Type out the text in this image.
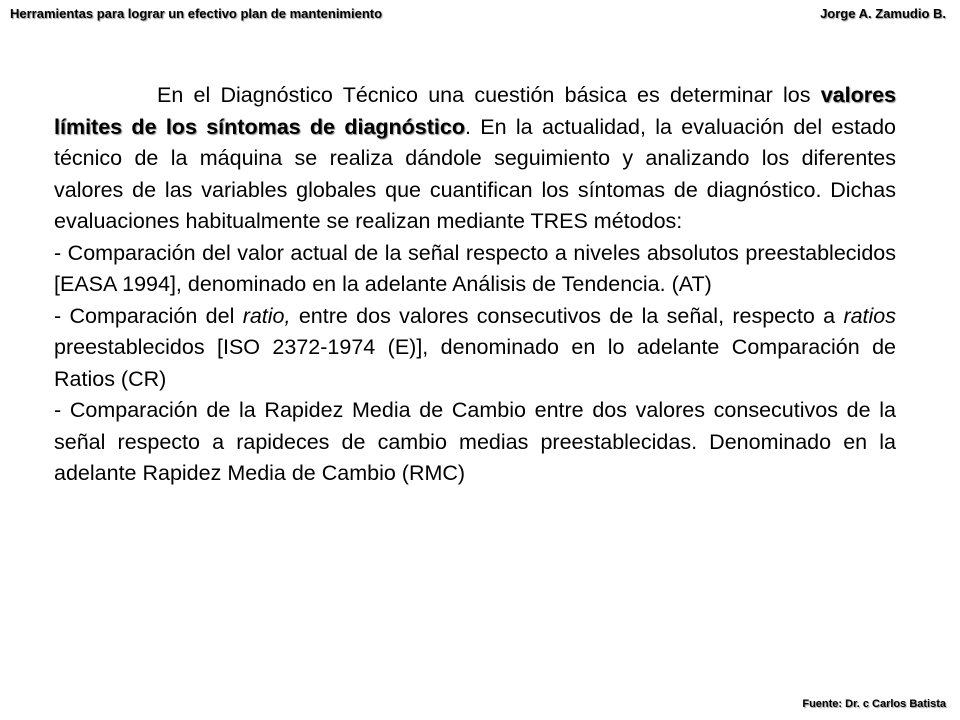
Herramientas para lograr un efectivo plan de mantenimiento	Jorge A. Zamudio B.

En el Diagnóstico Técnico una cuestión básica es determinar los valores límites de los síntomas de diagnóstico. En la actualidad, la evaluación del estado técnico de la máquina se realiza dándole seguimiento y analizando los diferentes valores de las variables globales que cuantifican los síntomas de diagnóstico. Dichas evaluaciones habitualmente se realizan mediante TRES métodos:

- Comparación del valor actual de la señal respecto a niveles absolutos preestablecidos [EASA 1994], denominado en la adelante Análisis de Tendencia. (AT)

- Comparación del ratio, entre dos valores consecutivos de la señal, respecto a ratios preestablecidos [ISO 2372-1974 (E)], denominado en lo adelante Comparación de Ratios (CR)

- Comparación de la Rapidez Media de Cambio entre dos valores consecutivos de la señal respecto a rapideces de cambio medias preestablecidas. Denominado en la adelante Rapidez Media de Cambio (RMC)

Fuente: Dr. c Carlos Batista
